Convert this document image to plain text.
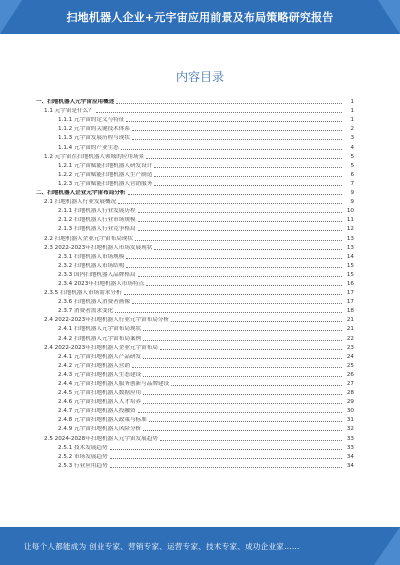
扫地机器人企业+元宇宙应用前景及布局策略研究报告
内容目录
一、扫地机器人元宇宙应用概述	1
1.1 元宇宙是什么？	1
1.1.1 元宇宙的定义与特征	1
1.1.2 元宇宙的关键技术体系	2
1.1.3 元宇宙发展历程与现状	3
1.1.4 元宇宙的产业生态	4
1.2 元宇宙在扫地机器人领域的应用场景	5
1.2.1 元宇宙赋能扫地机器人研发设计	5
1.2.2 元宇宙赋能扫地机器人生产制造	6
1.2.3 元宇宙赋能扫地机器人营销服务	7
二、扫地机器人企业元宇宙布局分析	9
2.1 扫地机器人行业发展概况	9
2.1.1 扫地机器人行业发展历程	10
2.1.2 扫地机器人行业市场规模	11
2.1.3 扫地机器人行业竞争格局	12
2.2 扫地机器人企业元宇宙布局现状	13
2.3 2022-2023年扫地机器人市场发展现状	13
2.3.1 扫地机器人市场规模	14
2.3.2 扫地机器人市场结构	15
2.3.3 国内扫地机器人品牌格局	15
2.3.4 2023年扫地机器人市场特点	16
2.3.5 扫地机器人市场需求分析	17
2.3.6 扫地机器人消费者画像	17
2.3.7 消费者需求变化	18
2.4 2022-2023年扫地机器人行业元宇宙布局分析	21
2.4.1 扫地机器人元宇宙布局现状	21
2.4.2 扫地机器人元宇宙布局案例	22
2.4 2022-2023年扫地机器人企业元宇宙布局	23
2.4.1 元宇宙扫地机器人产品研发	24
2.4.2 元宇宙扫地机器人营销	25
2.4.3 元宇宙扫地机器人生态建设	26
2.4.4 元宇宙扫地机器人服务创新与品牌建设	27
2.4.5 元宇宙扫地机器人数据应用	28
2.4.6 元宇宙扫地机器人人才培养	29
2.4.7 元宇宙扫地机器人投融资	30
2.4.8 元宇宙扫地机器人政策与标准	31
2.4.9 元宇宙扫地机器人风险分析	32
2.5 2024-2028年扫地机器人元宇宙发展趋势	33
2.5.1 技术发展趋势	33
2.5.2 市场发展趋势	34
2.5.3 行业应用趋势	34
让每个人都能成为 创业专家、营销专家、运营专家、技术专家、成功企业家……
